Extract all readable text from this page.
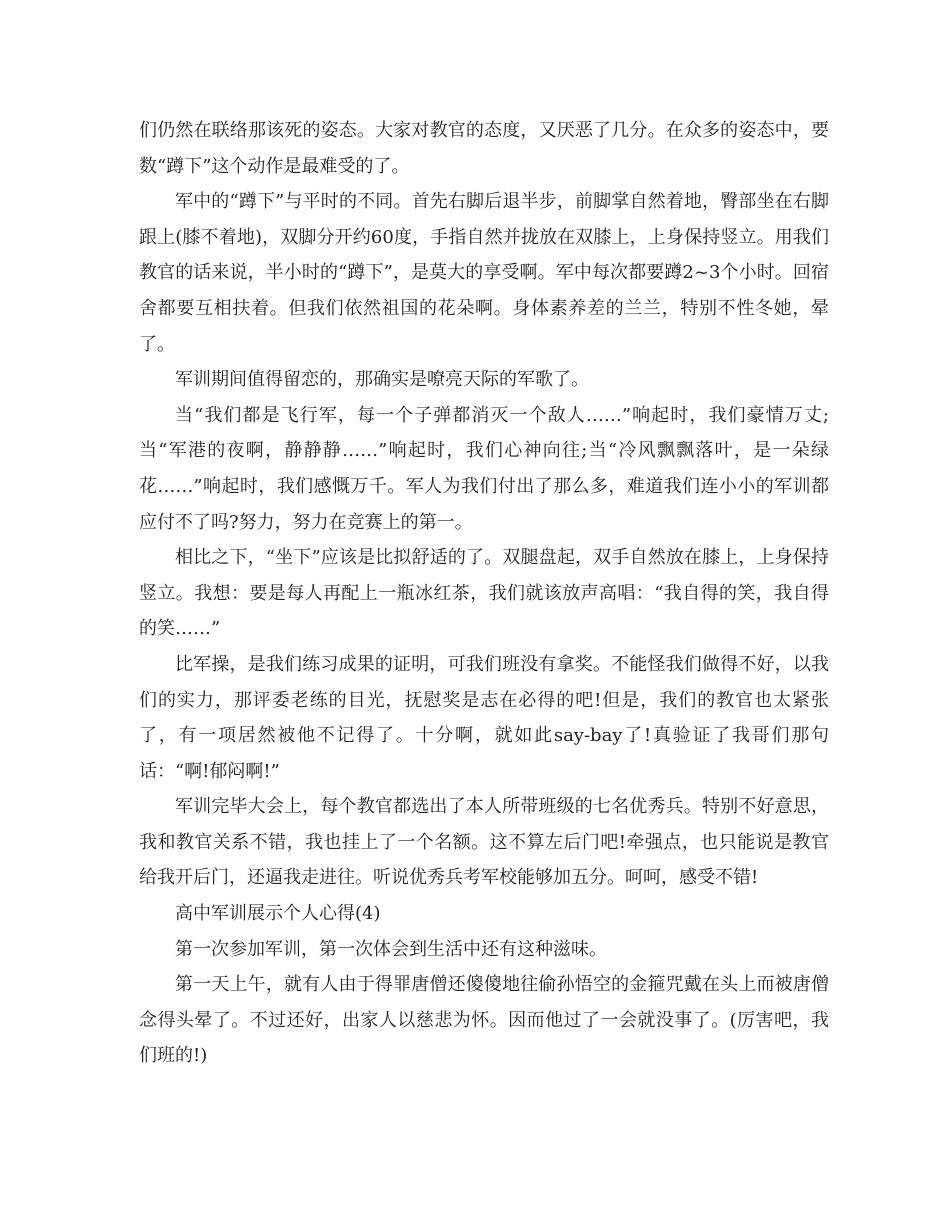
们仍然在联络那该死的姿态。大家对教官的态度，又厌恶了几分。在众多的姿态中，要数“蹲下”这个动作是最难受的了。

军中的“蹲下”与平时的不同。首先右脚后退半步，前脚掌自然着地，臀部坐在右脚跟上(膝不着地)，双脚分开约60度，手指自然并拢放在双膝上，上身保持竖立。用我们教官的话来说，半小时的“蹲下”，是莫大的享受啊。军中每次都要蹲2~3个小时。回宿舍都要互相扶着。但我们依然祖国的花朵啊。身体素养差的兰兰，特别不性冬她，晕了。

军训期间值得留恋的，那确实是嘹亮天际的军歌了。

当“我们都是飞行军，每一个子弹都消灭一个敌人……”响起时，我们豪情万丈;当“军港的夜啊，静静静……”响起时，我们心神向往;当“冷风飘飘落叶，是一朵绿花……”响起时，我们感慨万千。军人为我们付出了那么多，难道我们连小小的军训都应付不了吗?努力，努力在竞赛上的第一。

相比之下，“坐下”应该是比拟舒适的了。双腿盘起，双手自然放在膝上，上身保持竖立。我想：要是每人再配上一瓶冰红茶，我们就该放声高唱：“我自得的笑，我自得的笑……”

比军操，是我们练习成果的证明，可我们班没有拿奖。不能怪我们做得不好，以我们的实力，那评委老练的目光，抚慰奖是志在必得的吧!但是，我们的教官也太紧张了，有一项居然被他不记得了。十分啊，就如此say-bay了!真验证了我哥们那句话：“啊!郁闷啊!”

军训完毕大会上，每个教官都选出了本人所带班级的七名优秀兵。特别不好意思，我和教官关系不错，我也挂上了一个名额。这不算左后门吧!牵强点，也只能说是教官给我开后门，还逼我走进往。听说优秀兵考军校能够加五分。呵呵，感受不错!

高中军训展示个人心得(4)

第一次参加军训，第一次体会到生活中还有这种滋味。

第一天上午，就有人由于得罪唐僧还傻傻地往偷孙悟空的金箍咒戴在头上而被唐僧念得头晕了。不过还好，出家人以慈悲为怀。因而他过了一会就没事了。(厉害吧，我们班的!)
